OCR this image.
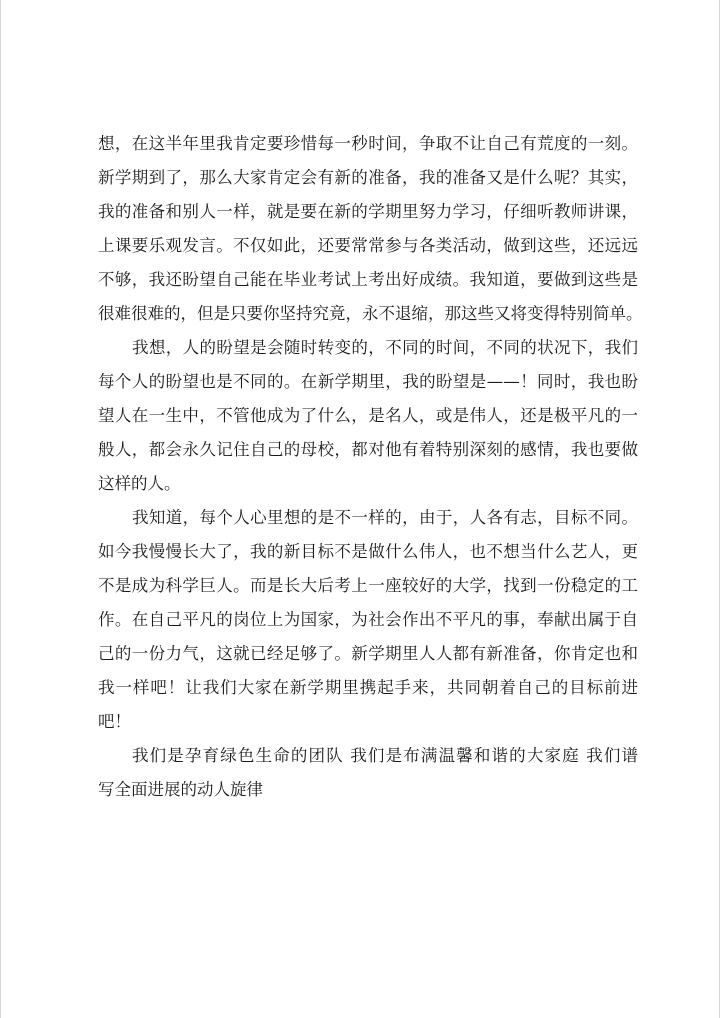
想，在这半年里我肯定要珍惜每一秒时间，争取不让自己有荒度的一刻。
新学期到了，那么大家肯定会有新的准备，我的准备又是什么呢？其实，
我的准备和别人一样，就是要在新的学期里努力学习，仔细听教师讲课，
上课要乐观发言。不仅如此，还要常常参与各类活动，做到这些，还远远
不够，我还盼望自己能在毕业考试上考出好成绩。我知道，要做到这些是
很难很难的，但是只要你坚持究竟，永不退缩，那这些又将变得特别简单。
我想，人的盼望是会随时转变的，不同的时间，不同的状况下，我们
每个人的盼望也是不同的。在新学期里，我的盼望是——！同时，我也盼
望人在一生中，不管他成为了什么，是名人，或是伟人，还是极平凡的一
般人，都会永久记住自己的母校，都对他有着特别深刻的感情，我也要做
这样的人。
我知道，每个人心里想的是不一样的，由于，人各有志，目标不同。
如今我慢慢长大了，我的新目标不是做什么伟人，也不想当什么艺人，更
不是成为科学巨人。而是长大后考上一座较好的大学，找到一份稳定的工
作。在自己平凡的岗位上为国家，为社会作出不平凡的事，奉献出属于自
己的一份力气，这就已经足够了。新学期里人人都有新准备，你肯定也和
我一样吧！让我们大家在新学期里携起手来，共同朝着自己的目标前进
吧！
我们是孕育绿色生命的团队 我们是布满温馨和谐的大家庭 我们谱
写全面进展的动人旋律
